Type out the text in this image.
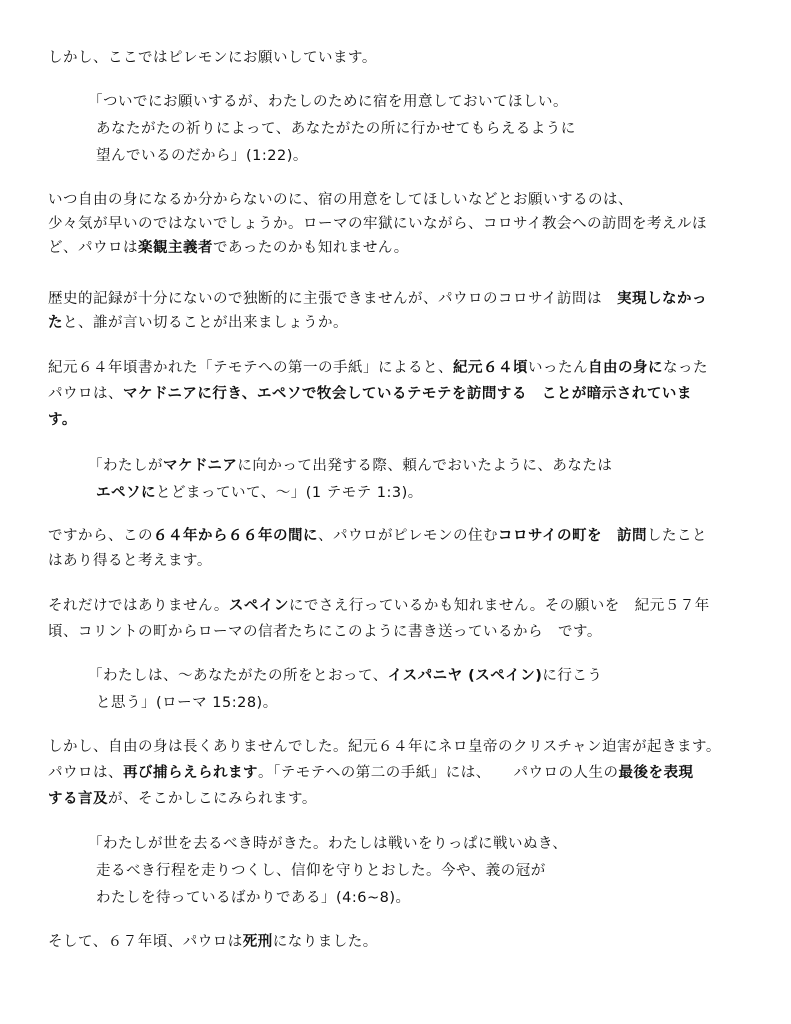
しかし、ここではピレモンにお願いしています。
「ついでにお願いするが、わたしのために宿を用意しておいてほしい。
あなたがたの祈りによって、あなたがたの所に行かせてもらえるように
望んでいるのだから」(1:22)。
いつ自由の身になるか分からないのに、宿の用意をしてほしいなどとお願いするのは、
少々気が早いのではないでしょうか。ローマの牢獄にいながら、コロサイ教会への訪問を考えルほ
ど、パウロは楽観主義者であったのかも知れません。
歴史的記録が十分にないので独断的に主張できませんが、パウロのコロサイ訪問は　実現しなかっ
たと、誰が言い切ることが出来ましょうか。
紀元６４年頃書かれた「テモテへの第一の手紙」によると、紀元６４頃いったん自由の身になった
パウロは、マケドニアに行き、エペソで牧会しているテモテを訪問する　ことが暗示されていま
す。
「わたしがマケドニアに向かって出発する際、頼んでおいたように、あなたは
エペソにとどまっていて、〜」(1 テモテ 1:3)。
ですから、この６４年から６６年の間に、パウロがピレモンの住むコロサイの町を　訪問したこと
はあり得ると考えます。
それだけではありません。スペインにでさえ行っているかも知れません。その願いを　紀元５７年
頃、コリントの町からローマの信者たちにこのように書き送っているから　です。
「わたしは、〜あなたがたの所をとおって、イスパニヤ (スペイン)に行こう
と思う」(ローマ 15:28)。
しかし、自由の身は長くありませんでした。紀元６４年にネロ皇帝のクリスチャン迫害が起きます。
パウロは、再び捕らえられます。「テモテへの第二の手紙」には、　　パウロの人生の最後を表現
する言及が、そこかしこにみられます。
「わたしが世を去るべき時がきた。わたしは戦いをりっぱに戦いぬき、
走るべき行程を走りつくし、信仰を守りとおした。今や、義の冠が
わたしを待っているばかりである」(4:6~8)。
そして、６７年頃、パウロは死刑になりました。
